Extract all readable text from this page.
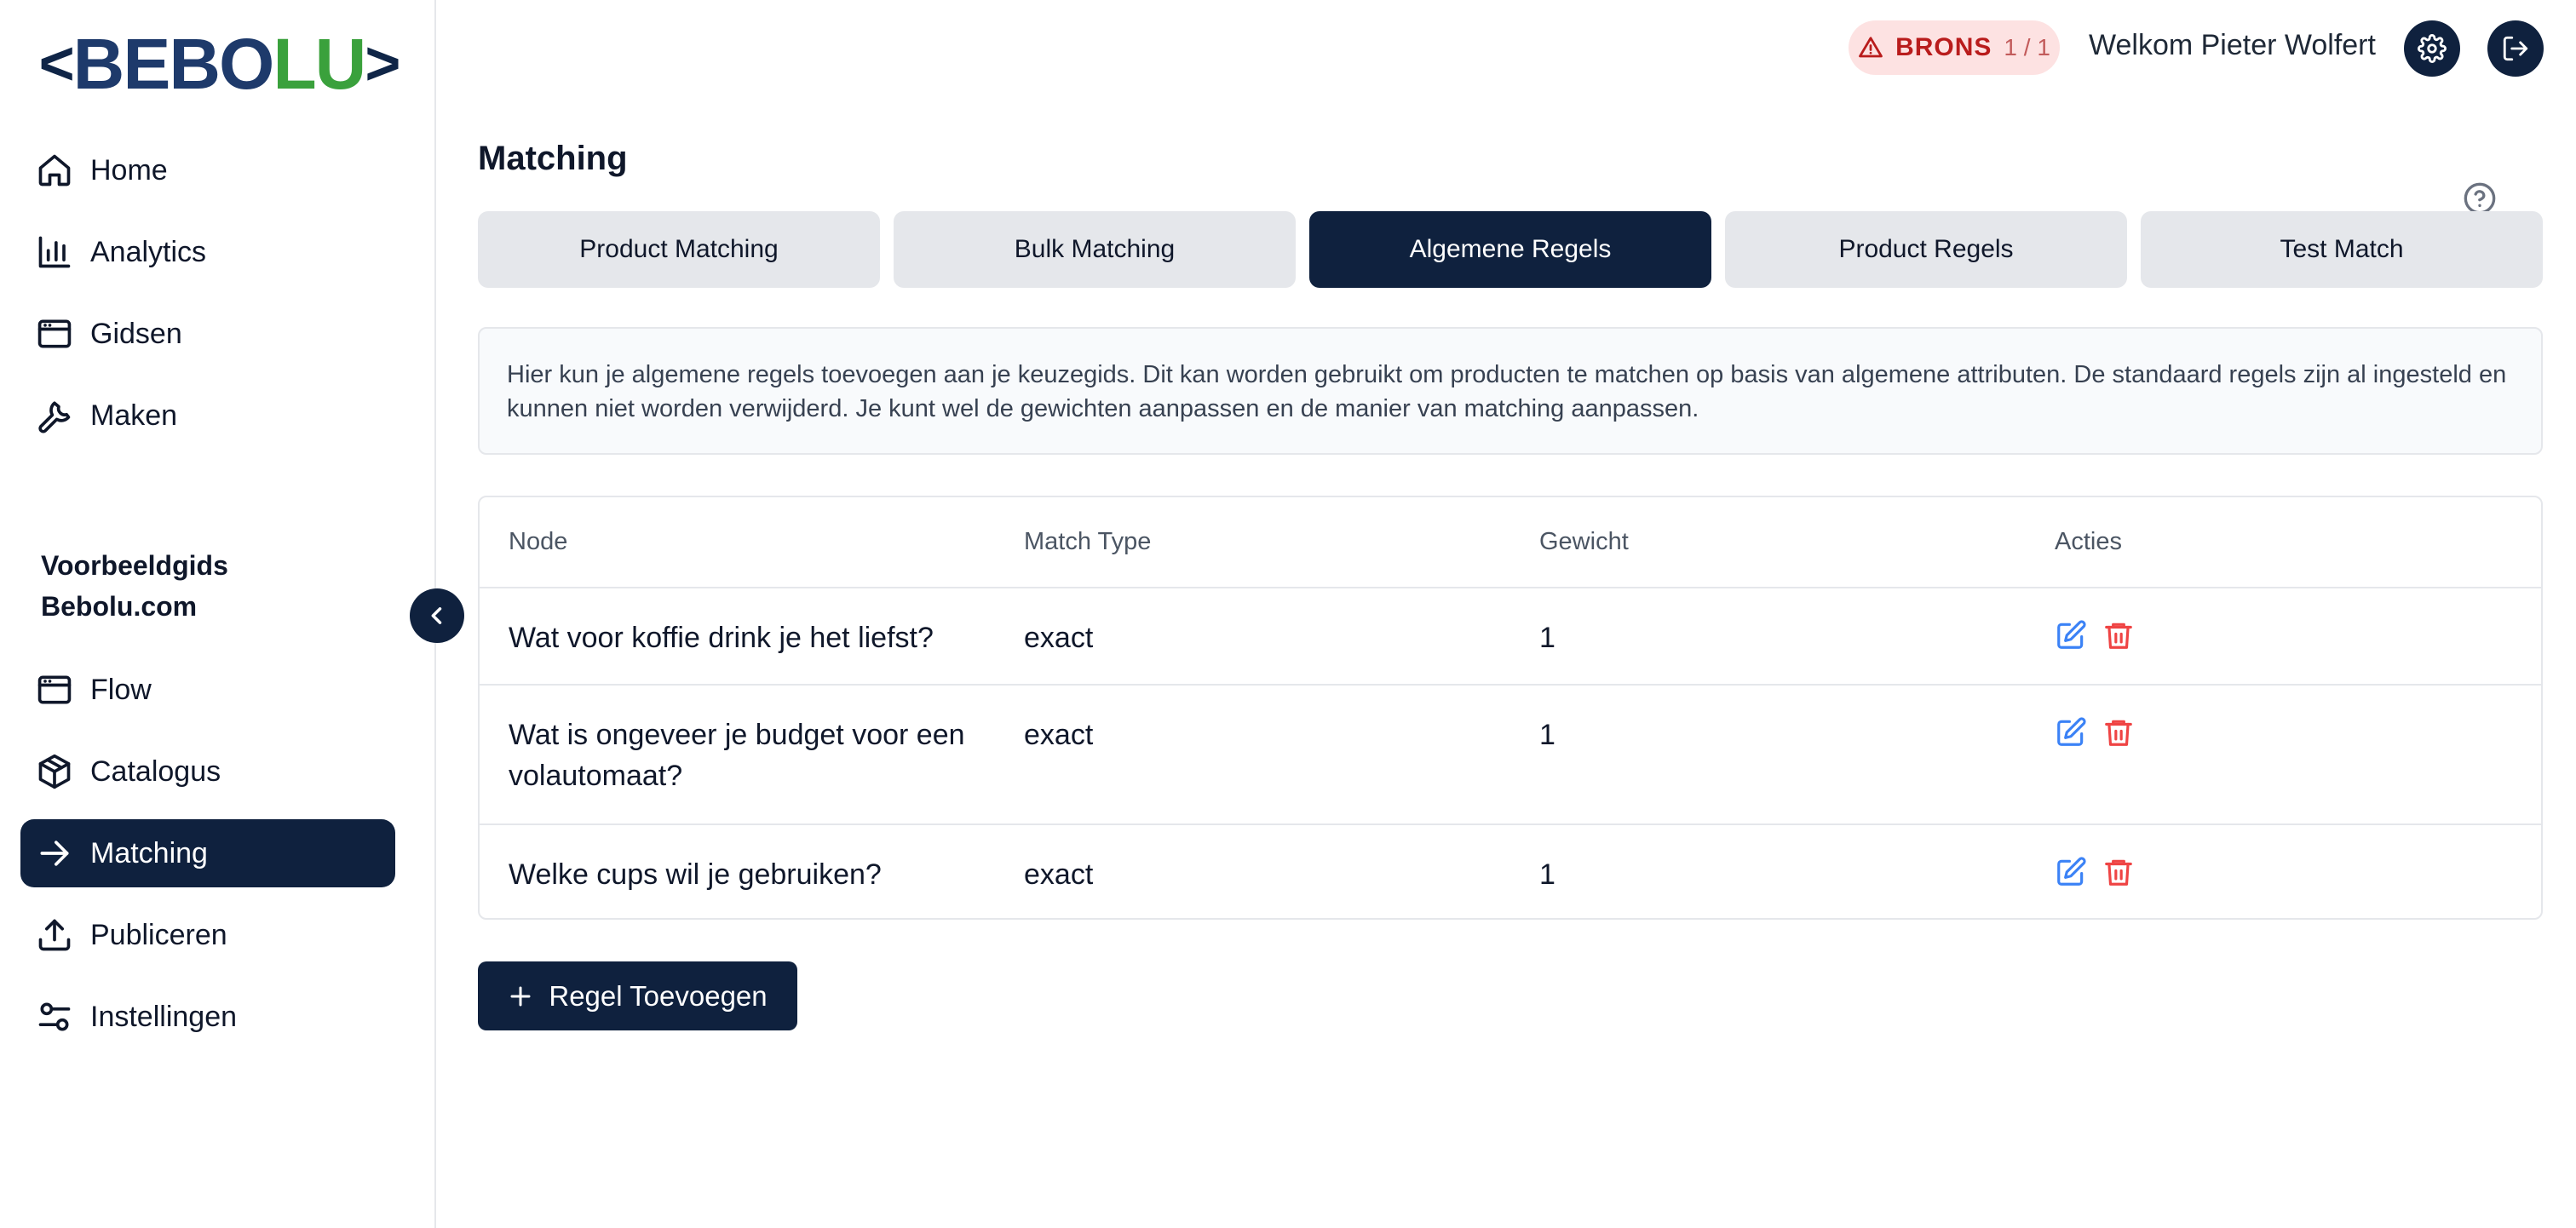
< BEBO LU >
Home
Analytics
Gidsen
Maken
Voorbeeldgids Bebolu.com
Flow
Catalogus
Matching
Publiceren
Instellingen
BRONS 1 / 1 Welkom Pieter Wolfert
Matching
Product Matching	Bulk Matching	Algemene Regels	Product Regels	Test Match
Hier kun je algemene regels toevoegen aan je keuzegids. Dit kan worden gebruikt om producten te matchen op basis van algemene attributen. De standaard regels zijn al ingesteld en kunnen niet worden verwijderd. Je kunt wel de gewichten aanpassen en de manier van matching aanpassen.
Node	Match Type	Gewicht	Acties
Wat voor koffie drink je het liefst?	exact	1	

Wat is ongeveer je budget voor een volautomaat?	exact	1	

Welke cups wil je gebruiken?	exact	1	
Regel Toevoegen
